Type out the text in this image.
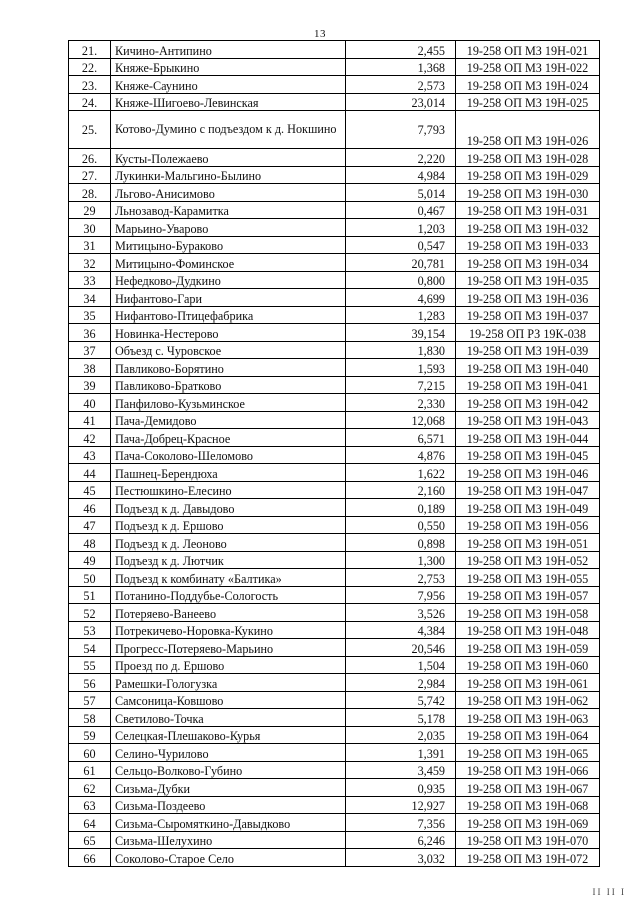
13
21.	Кичино-Антипино	2,455	19-258 ОП МЗ 19Н-021
22.	Княже-Брыкино	1,368	19-258 ОП МЗ 19Н-022
23.	Княже-Саунино	2,573	19-258 ОП МЗ 19Н-024
24.	Княже-Шигоево-Левинская	23,014	19-258 ОП МЗ 19Н-025
25.	Котово-Думино с подъездом к д. Нокшино	7,793	19-258 ОП МЗ 19Н-026
26.	Кусты-Полежаево	2,220	19-258 ОП МЗ 19Н-028
27.	Лукинки-Мальгино-Былино	4,984	19-258 ОП МЗ 19Н-029
28.	Льгово-Анисимово	5,014	19-258 ОП МЗ 19Н-030
29	Льнозавод-Карамитка	0,467	19-258 ОП МЗ 19Н-031
30	Марьино-Уварово	1,203	19-258 ОП МЗ 19Н-032
31	Митицыно-Бураково	0,547	19-258 ОП МЗ 19Н-033
32	Митицыно-Фоминское	20,781	19-258 ОП МЗ 19Н-034
33	Нефедково-Дудкино	0,800	19-258 ОП МЗ 19Н-035
34	Нифантово-Гари	4,699	19-258 ОП МЗ 19Н-036
35	Нифантово-Птицефабрика	1,283	19-258 ОП МЗ 19Н-037
36	Новинка-Нестерово	39,154	19-258 ОП РЗ 19К-038
37	Объезд с. Чуровское	1,830	19-258 ОП МЗ 19Н-039
38	Павликово-Борятино	1,593	19-258 ОП МЗ 19Н-040
39	Павликово-Братково	7,215	19-258 ОП МЗ 19Н-041
40	Панфилово-Кузьминское	2,330	19-258 ОП МЗ 19Н-042
41	Пача-Демидово	12,068	19-258 ОП МЗ 19Н-043
42	Пача-Добрец-Красное	6,571	19-258 ОП МЗ 19Н-044
43	Пача-Соколово-Шеломово	4,876	19-258 ОП МЗ 19Н-045
44	Пашнец-Берендюха	1,622	19-258 ОП МЗ 19Н-046
45	Пестюшкино-Елесино	2,160	19-258 ОП МЗ 19Н-047
46	Подъезд к д. Давыдово	0,189	19-258 ОП МЗ 19Н-049
47	Подъезд к д. Ершово	0,550	19-258 ОП МЗ 19Н-056
48	Подъезд к д. Леоново	0,898	19-258 ОП МЗ 19Н-051
49	Подъезд к д. Лютчик	1,300	19-258 ОП МЗ 19Н-052
50	Подъезд к комбинату «Балтика»	2,753	19-258 ОП МЗ 19Н-055
51	Потанино-Поддубье-Сологость	7,956	19-258 ОП МЗ 19Н-057
52	Потеряево-Ванеево	3,526	19-258 ОП МЗ 19Н-058
53	Потрекичево-Норовка-Кукино	4,384	19-258 ОП МЗ 19Н-048
54	Прогресс-Потеряево-Марьино	20,546	19-258 ОП МЗ 19Н-059
55	Проезд по д. Ершово	1,504	19-258 ОП МЗ 19Н-060
56	Рамешки-Гологузка	2,984	19-258 ОП МЗ 19Н-061
57	Самсоница-Ковшово	5,742	19-258 ОП МЗ 19Н-062
58	Светилово-Точка	5,178	19-258 ОП МЗ 19Н-063
59	Селецкая-Плешаково-Курья	2,035	19-258 ОП МЗ 19Н-064
60	Селино-Чурилово	1,391	19-258 ОП МЗ 19Н-065
61	Сельцо-Волково-Губино	3,459	19-258 ОП МЗ 19Н-066
62	Сизьма-Дубки	0,935	19-258 ОП МЗ 19Н-067
63	Сизьма-Поздеево	12,927	19-258 ОП МЗ 19Н-068
64	Сизьма-Сыромяткино-Давыдково	7,356	19-258 ОП МЗ 19Н-069
65	Сизьма-Шелухино	6,246	19-258 ОП МЗ 19Н-070
66	Соколово-Старое Село	3,032	19-258 ОП МЗ 19Н-072
II II I
